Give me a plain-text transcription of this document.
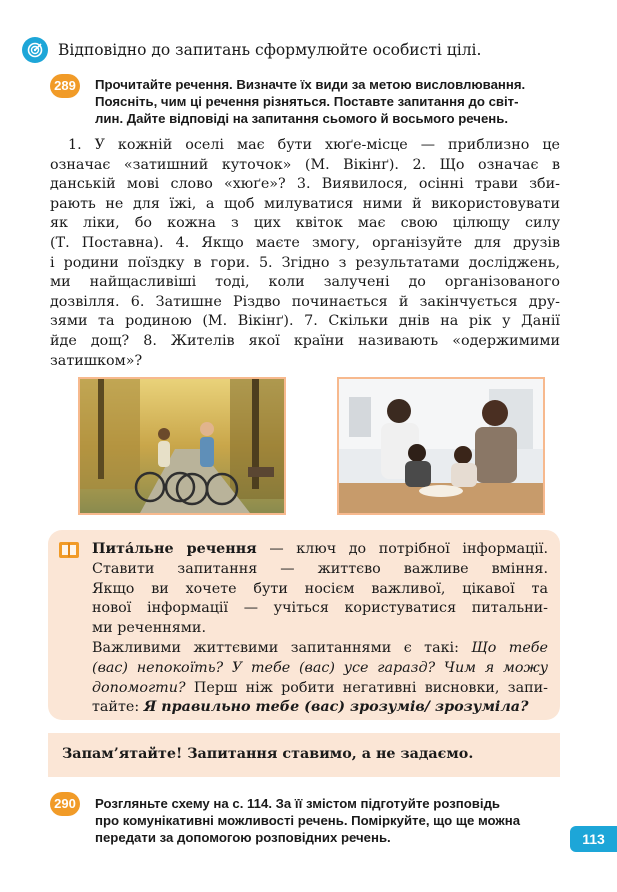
Відповідно до запитань сформулюйте особисті цілі.
289	Прочитайте речення. Визначте їх види за метою висловлювання.
Поясніть, чим ці речення різняться. Поставте запитання до світ-
лин. Дайте відповіді на запитання сьомого й восьмого речень.
1. У кожній оселі має бути хюґе-місце — приблизно це
означає «затишний куточок» (М. Вікінґ). 2. Що означає в
данській мові слово «хюґе»? 3. Виявилося, осінні трави зби-
рають не для їжі, а щоб милуватися ними й використовувати
як ліки, бо кожна з цих квіток має свою цілющу силу
(Т. Поставна). 4. Якщо маєте змогу, організуйте для друзів
і родини поїздку в гори. 5. Згідно з результатами досліджень,
ми найщасливіші тоді, коли залучені до організованого
дозвілля. 6. Затишне Різдво починається й закінчується дру-
зями та родиною (М. Вікінґ). 7. Скільки днів на рік у Данії
йде дощ? 8. Жителів якої країни називають «одержимими
затишком»?
Пита́льне речення — ключ до потрібної інформації.
Ставити запитання — життєво важливе вміння.
Якщо ви хочете бути носієм важливої, цікавої та
нової інформації — учіться користуватися питальни-
ми реченнями.
Важливими життєвими запитаннями є такі: Що тебе
(вас) непокоїть? У тебе (вас) усе гаразд? Чим я можу
допомогти? Перш ніж робити негативні висновки, запи-
тайте: Я правильно тебе (вас) зрозумів/ зрозуміла?
Запам’ятайте! Запитання ставимо, а не задаємо.
290	Розгляньте схему на с. 114. За її змістом підготуйте розповідь
про комунікативні можливості речень. Поміркуйте, що ще можна
передати за допомогою розповідних речень.	113
